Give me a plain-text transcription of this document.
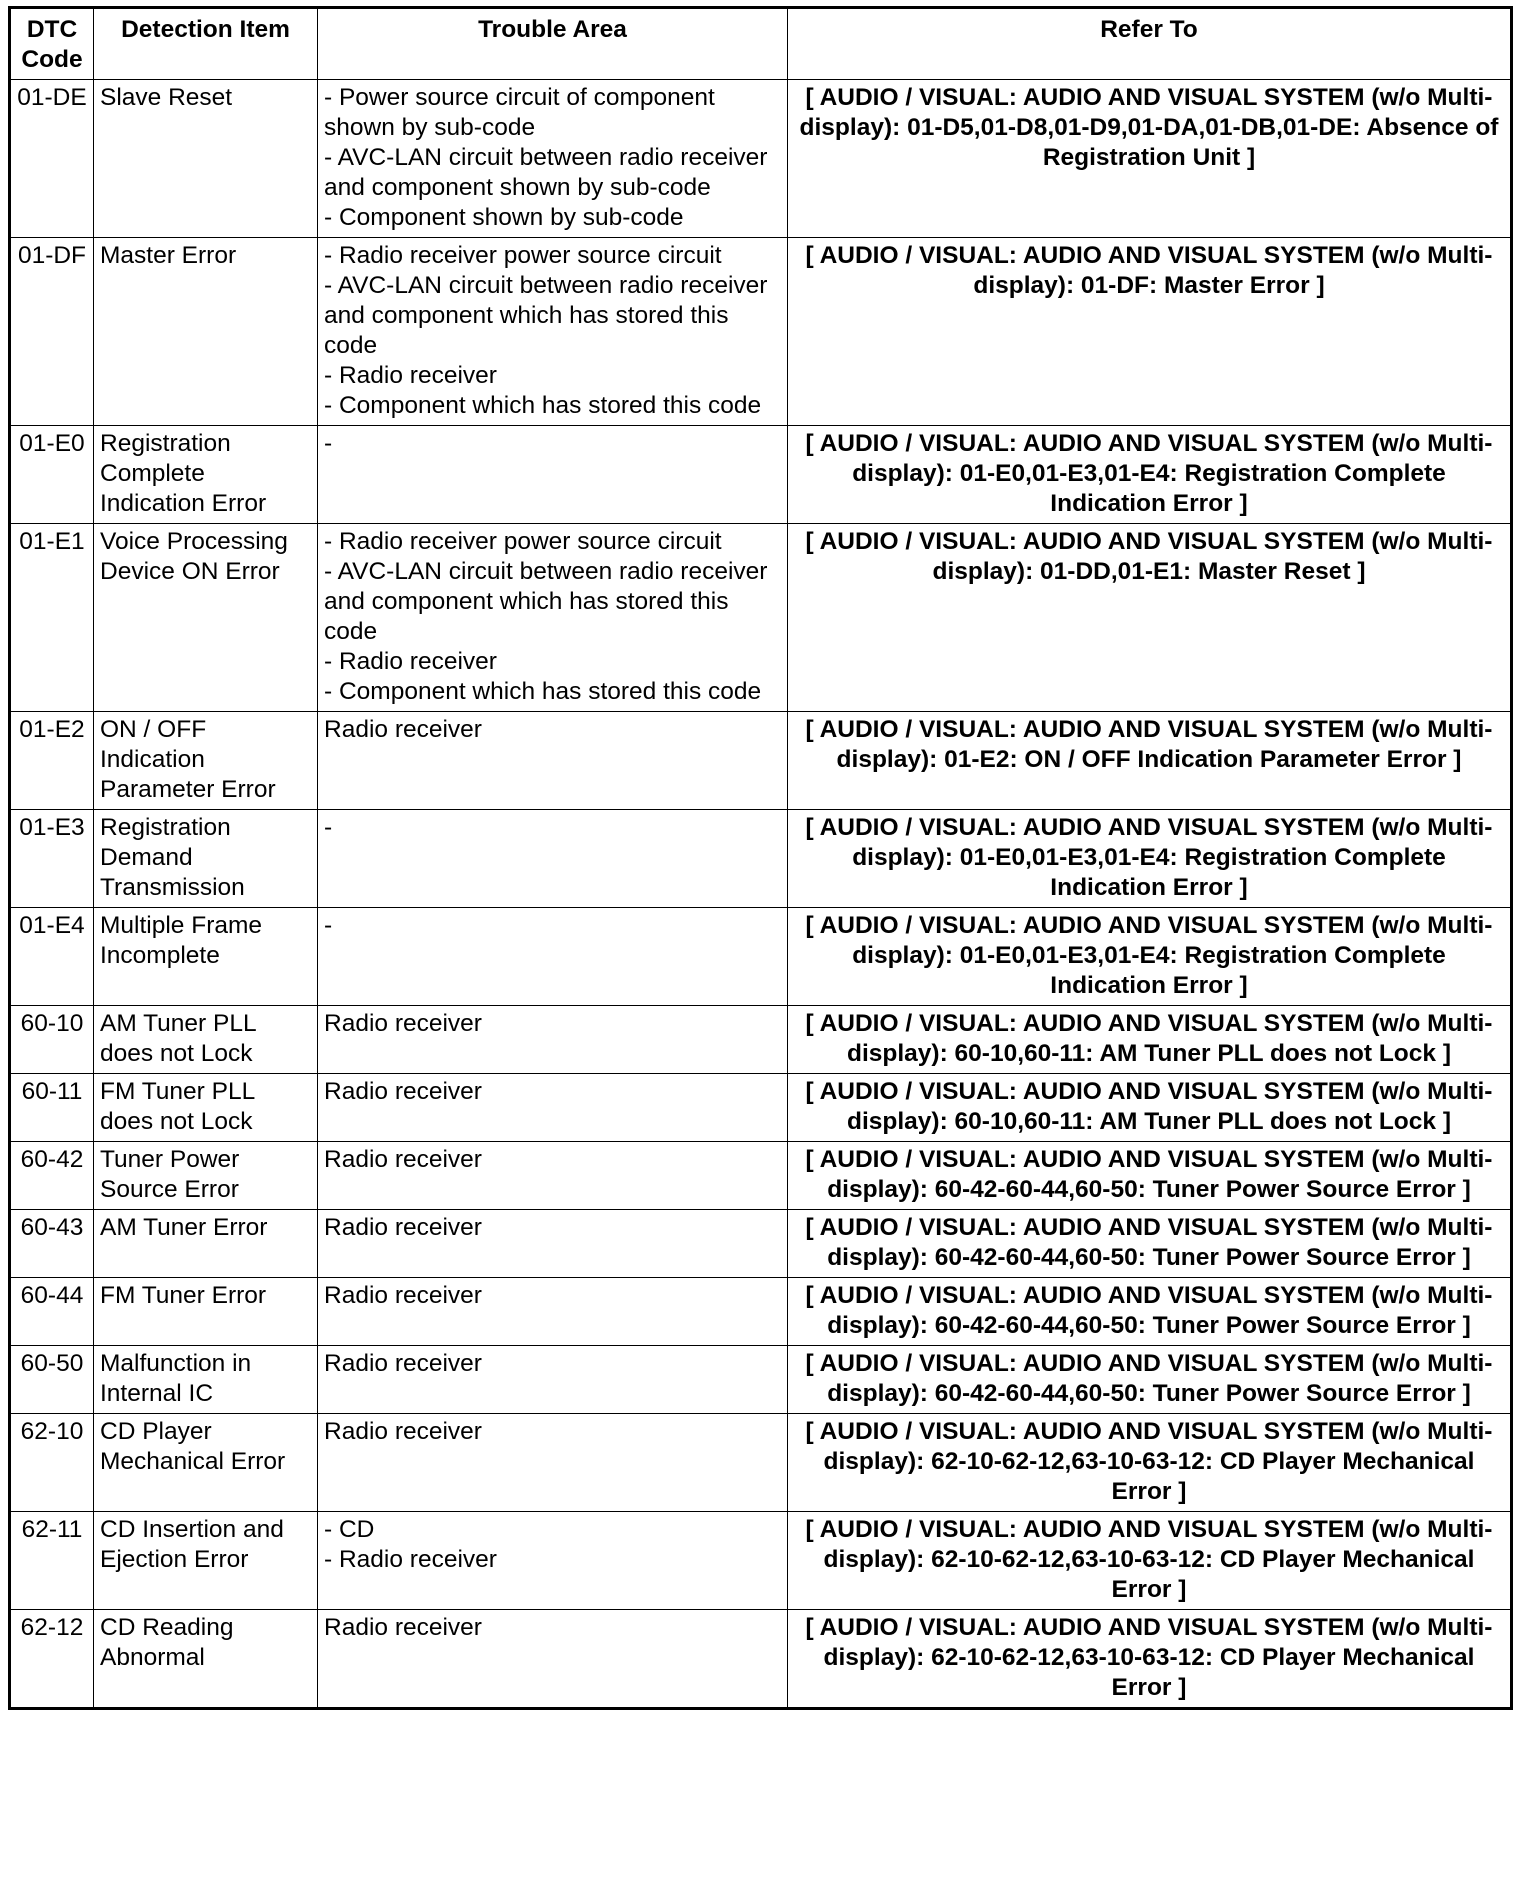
DTC Code	Detection Item	Trouble Area	Refer To
01-DE	Slave Reset	- Power source circuit of component shown by sub-code
- AVC-LAN circuit between radio receiver and component shown by sub-code
- Component shown by sub-code	[ AUDIO / VISUAL: AUDIO AND VISUAL SYSTEM (w/o Multi-display): 01-D5,01-D8,01-D9,01-DA,01-DB,01-DE: Absence of Registration Unit ]
01-DF	Master Error	- Radio receiver power source circuit
- AVC-LAN circuit between radio receiver and component which has stored this code
- Radio receiver
- Component which has stored this code	[ AUDIO / VISUAL: AUDIO AND VISUAL SYSTEM (w/o Multi-display): 01-DF: Master Error ]
01-E0	Registration Complete Indication Error	-	[ AUDIO / VISUAL: AUDIO AND VISUAL SYSTEM (w/o Multi-display): 01-E0,01-E3,01-E4: Registration Complete Indication Error ]
01-E1	Voice Processing Device ON Error	- Radio receiver power source circuit
- AVC-LAN circuit between radio receiver and component which has stored this code
- Radio receiver
- Component which has stored this code	[ AUDIO / VISUAL: AUDIO AND VISUAL SYSTEM (w/o Multi-display): 01-DD,01-E1: Master Reset ]
01-E2	ON / OFF Indication Parameter Error	Radio receiver	[ AUDIO / VISUAL: AUDIO AND VISUAL SYSTEM (w/o Multi-display): 01-E2: ON / OFF Indication Parameter Error ]
01-E3	Registration Demand Transmission	-	[ AUDIO / VISUAL: AUDIO AND VISUAL SYSTEM (w/o Multi-display): 01-E0,01-E3,01-E4: Registration Complete Indication Error ]
01-E4	Multiple Frame Incomplete	-	[ AUDIO / VISUAL: AUDIO AND VISUAL SYSTEM (w/o Multi-display): 01-E0,01-E3,01-E4: Registration Complete Indication Error ]
60-10	AM Tuner PLL does not Lock	Radio receiver	[ AUDIO / VISUAL: AUDIO AND VISUAL SYSTEM (w/o Multi-display): 60-10,60-11: AM Tuner PLL does not Lock ]
60-11	FM Tuner PLL does not Lock	Radio receiver	[ AUDIO / VISUAL: AUDIO AND VISUAL SYSTEM (w/o Multi-display): 60-10,60-11: AM Tuner PLL does not Lock ]
60-42	Tuner Power Source Error	Radio receiver	[ AUDIO / VISUAL: AUDIO AND VISUAL SYSTEM (w/o Multi-display): 60-42-60-44,60-50: Tuner Power Source Error ]
60-43	AM Tuner Error	Radio receiver	[ AUDIO / VISUAL: AUDIO AND VISUAL SYSTEM (w/o Multi-display): 60-42-60-44,60-50: Tuner Power Source Error ]
60-44	FM Tuner Error	Radio receiver	[ AUDIO / VISUAL: AUDIO AND VISUAL SYSTEM (w/o Multi-display): 60-42-60-44,60-50: Tuner Power Source Error ]
60-50	Malfunction in Internal IC	Radio receiver	[ AUDIO / VISUAL: AUDIO AND VISUAL SYSTEM (w/o Multi-display): 60-42-60-44,60-50: Tuner Power Source Error ]
62-10	CD Player Mechanical Error	Radio receiver	[ AUDIO / VISUAL: AUDIO AND VISUAL SYSTEM (w/o Multi-display): 62-10-62-12,63-10-63-12: CD Player Mechanical Error ]
62-11	CD Insertion and Ejection Error	- CD
- Radio receiver	[ AUDIO / VISUAL: AUDIO AND VISUAL SYSTEM (w/o Multi-display): 62-10-62-12,63-10-63-12: CD Player Mechanical Error ]
62-12	CD Reading Abnormal	Radio receiver	[ AUDIO / VISUAL: AUDIO AND VISUAL SYSTEM (w/o Multi-display): 62-10-62-12,63-10-63-12: CD Player Mechanical Error ]
